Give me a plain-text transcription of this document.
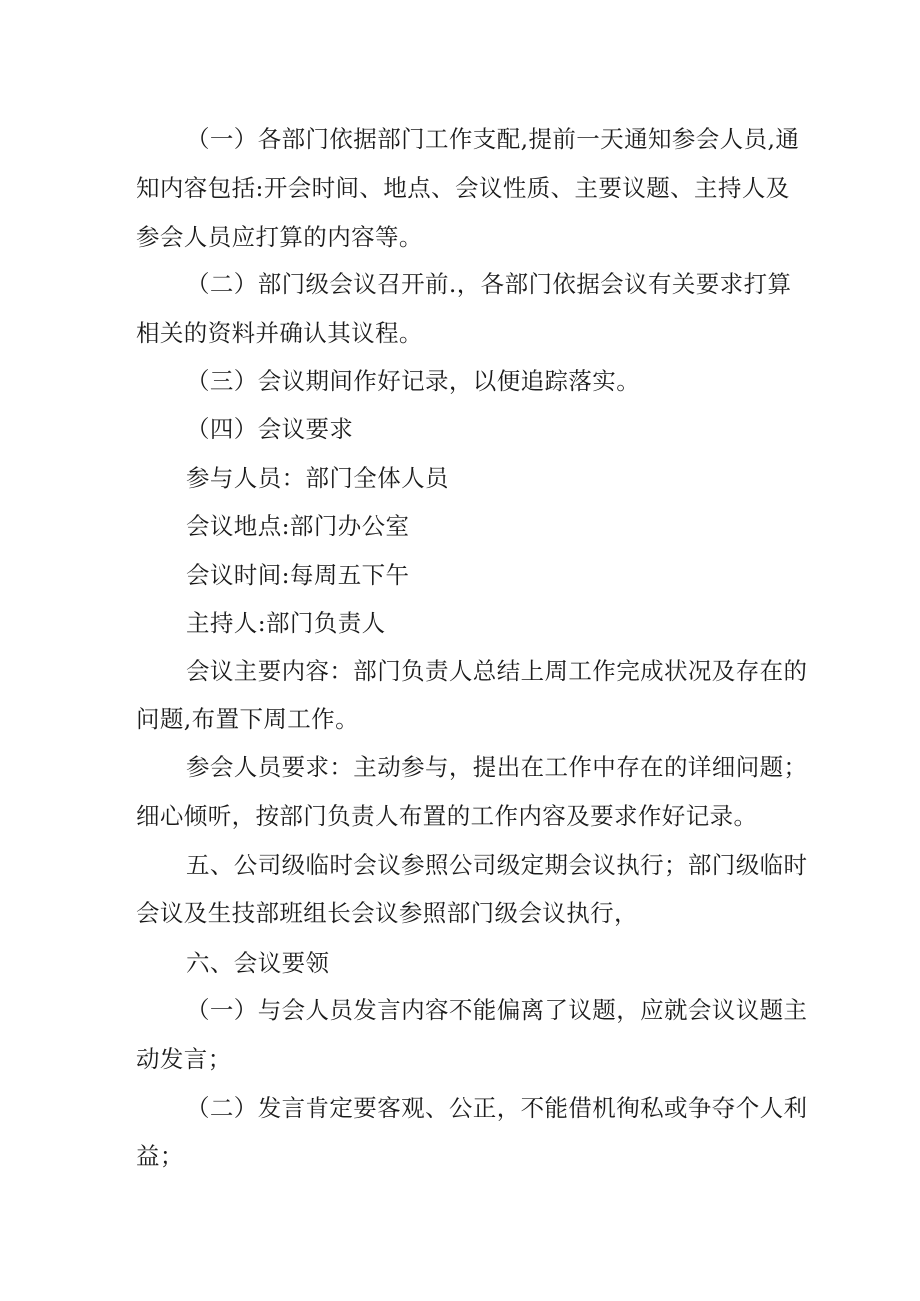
（一）各部门依据部门工作支配,提前一天通知参会人员,通
知内容包括:开会时间、地点、会议性质、主要议题、主持人及
参会人员应打算的内容等。
（二）部门级会议召开前.，各部门依据会议有关要求打算
相关的资料并确认其议程。
（三）会议期间作好记录，以便追踪落实。
（四）会议要求
参与人员：部门全体人员
会议地点:部门办公室
会议时间:每周五下午
主持人:部门负责人
会议主要内容：部门负责人总结上周工作完成状况及存在的
问题,布置下周工作。
参会人员要求：主动参与，提出在工作中存在的详细问题；
细心倾听，按部门负责人布置的工作内容及要求作好记录。
五、公司级临时会议参照公司级定期会议执行；部门级临时
会议及生技部班组长会议参照部门级会议执行，
六、会议要领
（一）与会人员发言内容不能偏离了议题，应就会议议题主
动发言；
（二）发言肯定要客观、公正，不能借机徇私或争夺个人利
益；
